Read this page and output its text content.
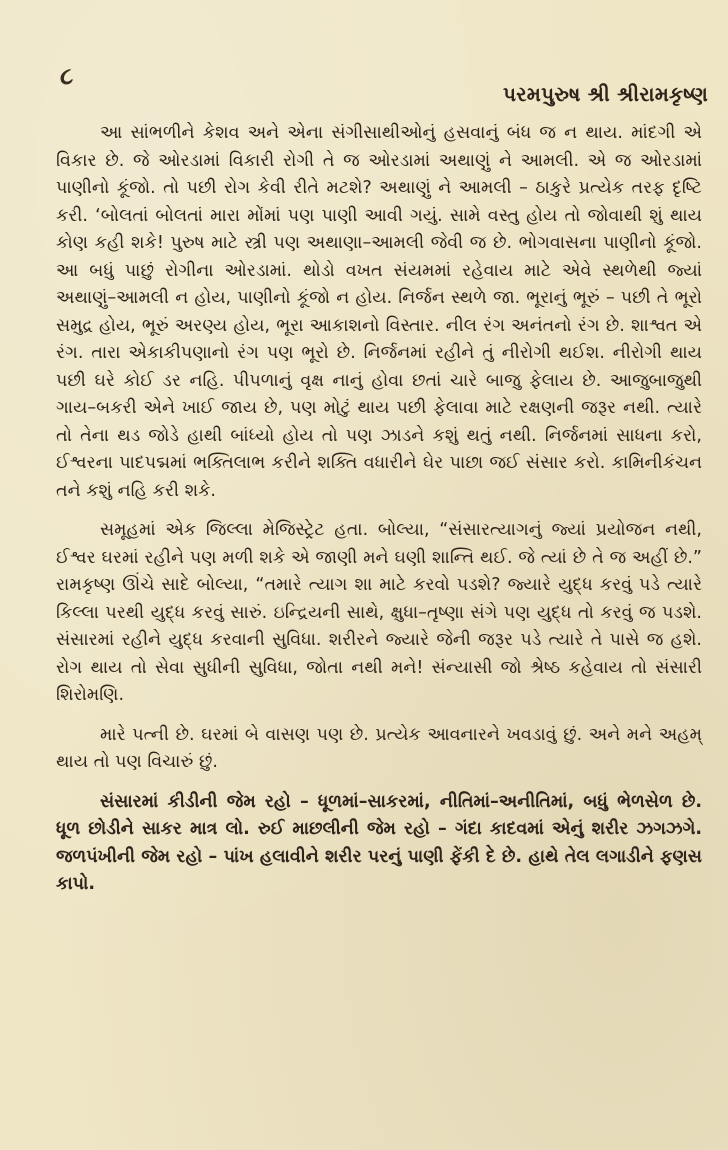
૮
પરમપુરુષ શ્રી શ્રીરામકૃષ્ણ

આ સાંભળીને કેશવ અને એના સંગીસાથીઓનું હસવાનું બંધ જ ન થાય. માંદગી એ વિકાર છે. જે ઓરડામાં વિકારી રોગી તે જ ઓરડામાં અથાણું ને આમલી. એ જ ઓરડામાં પાણીનો કૂંજો. તો પછી રોગ કેવી રીતે મટશે? અથાણું ને આમલી – ઠાકુરે પ્રત્યેક તરફ દૃષ્ટિ કરી. ‘બોલતાં બોલતાં મારા મોંમાં પણ પાણી આવી ગયું. સામે વસ્તુ હોય તો જોવાથી શું થાય કોણ કહી શકે! પુરુષ માટે સ્ત્રી પણ અથાણા–આમલી જેવી જ છે. ભોગવાસના પાણીનો કૂંજો. આ બધું પાછું રોગીના ઓરડામાં. થોડો વખત સંયમમાં રહેવાય માટે એવે સ્થળેથી જ્યાં અથાણું–આમલી ન હોય, પાણીનો કૂંજો ન હોય. નિર્જન સ્થળે જા. ભૂરાનું ભૂરું – પછી તે ભૂરો સમુદ્ર હોય, ભૂરું અરણ્ય હોય, ભૂરા આકાશનો વિસ્તાર. નીલ રંગ અનંતનો રંગ છે. શાશ્વત એ રંગ. તારા એકાકીપણાનો રંગ પણ ભૂરો છે. નિર્જનમાં રહીને તું નીરોગી થઈશ. નીરોગી થાય પછી ઘરે કોઈ ડર નહિ. પીપળાનું વૃક્ષ નાનું હોવા છતાં ચારે બાજુ ફેલાય છે. આજુબાજુથી ગાય–બકરી એને ખાઈ જાય છે, પણ મોટું થાય પછી ફેલાવા માટે રક્ષણની જરૂર નથી. ત્યારે તો તેના થડ જોડે હાથી બાંધ્યો હોય તો પણ ઝાડને કશું થતું નથી. નિર્જનમાં સાધના કરો, ઈશ્વરના પાદપદ્મમાં ભક્તિલાભ કરીને શક્તિ વધારીને ઘેર પાછા જઈ સંસાર કરો. કામિનીકંચન તને કશું નહિ કરી શકે.

સમૂહમાં એક જિલ્લા મેજિસ્ટ્રેટ હતા. બોલ્યા, “સંસારત્યાગનું જ્યાં પ્રયોજન નથી, ઈશ્વર ઘરમાં રહીને પણ મળી શકે એ જાણી મને ઘણી શાન્તિ થઈ. જે ત્યાં છે તે જ અહીં છે.” રામકૃષ્ણ ઊંચે સાદે બોલ્યા, “તમારે ત્યાગ શા માટે કરવો પડશે? જ્યારે યુદ્ધ કરવું પડે ત્યારે કિલ્લા પરથી યુદ્ધ કરવું સારું. ઇન્દ્રિયની સાથે, ક્ષુધા–તૃષ્ણા સંગે પણ યુદ્ધ તો કરવું જ પડશે. સંસારમાં રહીને યુદ્ધ કરવાની સુવિધા. શરીરને જ્યારે જેની જરૂર પડે ત્યારે તે પાસે જ હશે. રોગ થાય તો સેવા સુધીની સુવિધા, જોતા નથી મને! સંન્યાસી જો શ્રેષ્ઠ કહેવાય તો સંસારી શિરોમણિ.

મારે પત્ની છે. ઘરમાં બે વાસણ પણ છે. પ્રત્યેક આવનારને ખવડાવું છું. અને મને અહમ્ થાય તો પણ વિચારું છું.

સંસારમાં કીડીની જેમ રહો – ધૂળમાં–સાકરમાં, નીતિમાં–અનીતિમાં, બધું ભેળસેળ છે. ધૂળ છોડીને સાકર માત્ર લો. રુઈ માછલીની જેમ રહો – ગંદા કાદવમાં એનું શરીર ઝગઝગે. જળપંખીની જેમ રહો – પાંખ હલાવીને શરીર પરનું પાણી ફેંકી દે છે. હાથે તેલ લગાડીને ફણસ કાપો.
